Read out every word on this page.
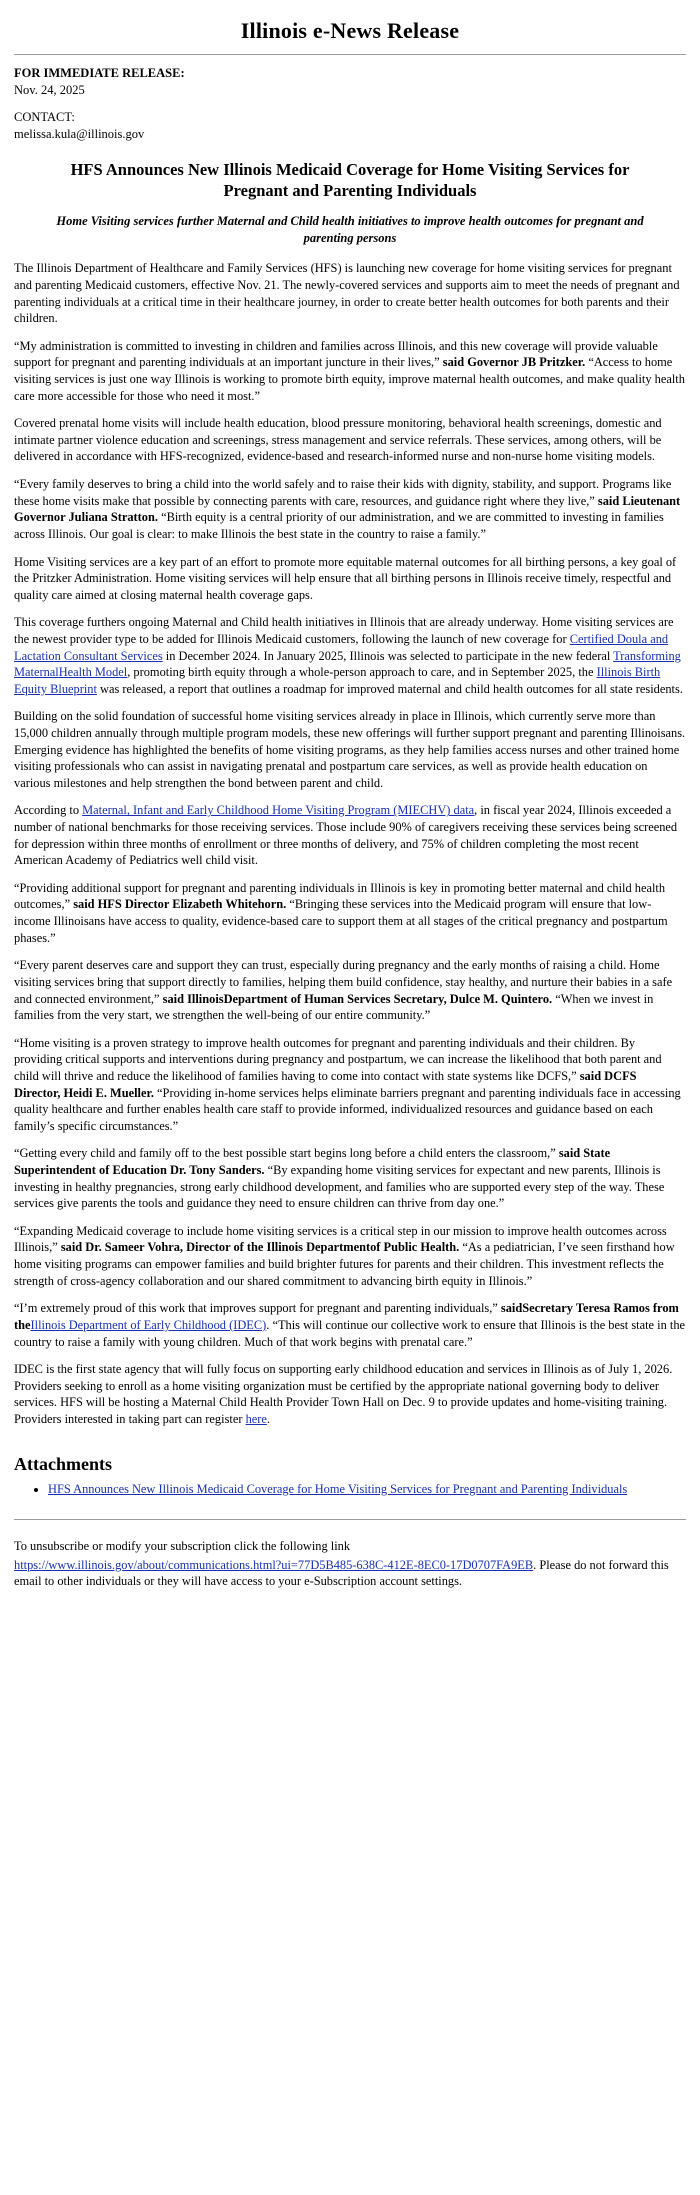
Illinois e-News Release
FOR IMMEDIATE RELEASE:
Nov. 24, 2025
CONTACT:
melissa.kula@illinois.gov
HFS Announces New Illinois Medicaid Coverage for Home Visiting Services for Pregnant and Parenting Individuals
Home Visiting services further Maternal and Child health initiatives to improve health outcomes for pregnant and parenting persons

The Illinois Department of Healthcare and Family Services (HFS) is launching new coverage for home visiting services for pregnant and parenting Medicaid customers, effective Nov. 21. The newly-covered services and supports aim to meet the needs of pregnant and parenting individuals at a critical time in their healthcare journey, in order to create better health outcomes for both parents and their children.

“My administration is committed to investing in children and families across Illinois, and this new coverage will provide valuable support for pregnant and parenting individuals at an important juncture in their lives,” said Governor JB Pritzker. “Access to home visiting services is just one way Illinois is working to promote birth equity, improve maternal health outcomes, and make quality health care more accessible for those who need it most.”

Covered prenatal home visits will include health education, blood pressure monitoring, behavioral health screenings, domestic and intimate partner violence education and screenings, stress management and service referrals. These services, among others, will be delivered in accordance with HFS-recognized, evidence-based and research-informed nurse and non-nurse home visiting models.

“Every family deserves to bring a child into the world safely and to raise their kids with dignity, stability, and support. Programs like these home visits make that possible by connecting parents with care, resources, and guidance right where they live,” said Lieutenant Governor Juliana Stratton. “Birth equity is a central priority of our administration, and we are committed to investing in families across Illinois. Our goal is clear: to make Illinois the best state in the country to raise a family.”

Home Visiting services are a key part of an effort to promote more equitable maternal outcomes for all birthing persons, a key goal of the Pritzker Administration. Home visiting services will help ensure that all birthing persons in Illinois receive timely, respectful and quality care aimed at closing maternal health coverage gaps.

This coverage furthers ongoing Maternal and Child health initiatives in Illinois that are already underway. Home visiting services are the newest provider type to be added for Illinois Medicaid customers, following the launch of new coverage for Certified Doula and Lactation Consultant Services in December 2024. In January 2025, Illinois was selected to participate in the new federal Transforming MaternalHealth Model, promoting birth equity through a whole-person approach to care, and in September 2025, the Illinois Birth Equity Blueprint was released, a report that outlines a roadmap for improved maternal and child health outcomes for all state residents.

Building on the solid foundation of successful home visiting services already in place in Illinois, which currently serve more than 15,000 children annually through multiple program models, these new offerings will further support pregnant and parenting Illinoisans. Emerging evidence has highlighted the benefits of home visiting programs, as they help families access nurses and other trained home visiting professionals who can assist in navigating prenatal and postpartum care services, as well as provide health education on various milestones and help strengthen the bond between parent and child.

According to Maternal, Infant and Early Childhood Home Visiting Program (MIECHV) data, in fiscal year 2024, Illinois exceeded a number of national benchmarks for those receiving services. Those include 90% of caregivers receiving these services being screened for depression within three months of enrollment or three months of delivery, and 75% of children completing the most recent American Academy of Pediatrics well child visit.

“Providing additional support for pregnant and parenting individuals in Illinois is key in promoting better maternal and child health outcomes,” said HFS Director Elizabeth Whitehorn. “Bringing these services into the Medicaid program will ensure that low-income Illinoisans have access to quality, evidence-based care to support them at all stages of the critical pregnancy and postpartum phases.”

“Every parent deserves care and support they can trust, especially during pregnancy and the early months of raising a child. Home visiting services bring that support directly to families, helping them build confidence, stay healthy, and nurture their babies in a safe and connected environment,” said IllinoisDepartment of Human Services Secretary, Dulce M. Quintero. “When we invest in families from the very start, we strengthen the well-being of our entire community.”

“Home visiting is a proven strategy to improve health outcomes for pregnant and parenting individuals and their children. By providing critical supports and interventions during pregnancy and postpartum, we can increase the likelihood that both parent and child will thrive and reduce the likelihood of families having to come into contact with state systems like DCFS,” said DCFS Director, Heidi E. Mueller. “Providing in-home services helps eliminate barriers pregnant and parenting individuals face in accessing quality healthcare and further enables health care staff to provide informed, individualized resources and guidance based on each family’s specific circumstances.”

“Getting every child and family off to the best possible start begins long before a child enters the classroom,” said State Superintendent of Education Dr. Tony Sanders. “By expanding home visiting services for expectant and new parents, Illinois is investing in healthy pregnancies, strong early childhood development, and families who are supported every step of the way. These services give parents the tools and guidance they need to ensure children can thrive from day one.”

“Expanding Medicaid coverage to include home visiting services is a critical step in our mission to improve health outcomes across Illinois,” said Dr. Sameer Vohra, Director of the Illinois Departmentof Public Health. “As a pediatrician, I’ve seen firsthand how home visiting programs can empower families and build brighter futures for parents and their children. This investment reflects the strength of cross-agency collaboration and our shared commitment to advancing birth equity in Illinois.”

“I’m extremely proud of this work that improves support for pregnant and parenting individuals,” saidSecretary Teresa Ramos from theIllinois Department of Early Childhood (IDEC). “This will continue our collective work to ensure that Illinois is the best state in the country to raise a family with young children. Much of that work begins with prenatal care.”

IDEC is the first state agency that will fully focus on supporting early childhood education and services in Illinois as of July 1, 2026.

Providers seeking to enroll as a home visiting organization must be certified by the appropriate national governing body to deliver services. HFS will be hosting a Maternal Child Health Provider Town Hall on Dec. 9 to provide updates and home-visiting training. Providers interested in taking part can register here.

Attachments
• HFS Announces New Illinois Medicaid Coverage for Home Visiting Services for Pregnant and Parenting Individuals

To unsubscribe or modify your subscription click the following link

https://www.illinois.gov/about/communications.html?ui=77D5B485-638C-412E-8EC0-17D0707FA9EB. Please do not forward this email to other individuals or they will have access to your e-Subscription account settings.
